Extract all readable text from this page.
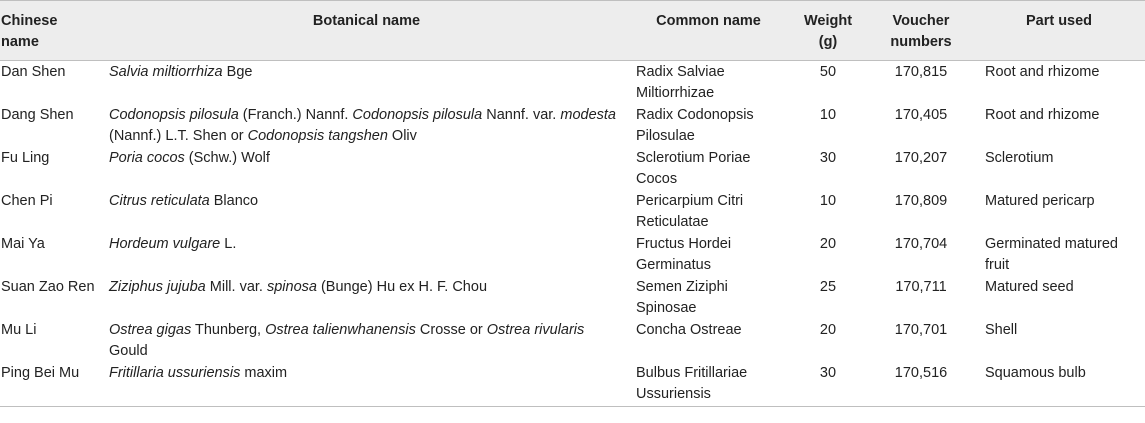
Chinese name	Botanical name	Common name	Weight (g)	Voucher numbers	Part used
Dan Shen	Salvia miltiorrhiza Bge	Radix Salviae Miltiorrhizae	50	170,815	Root and rhizome
Dang Shen	Codonopsis pilosula (Franch.) Nannf. Codonopsis pilosula Nannf. var. modesta (Nannf.) L.T. Shen or Codonopsis tangshen Oliv	Radix Codonopsis Pilosulae	10	170,405	Root and rhizome
Fu Ling	Poria cocos (Schw.) Wolf	Sclerotium Poriae Cocos	30	170,207	Sclerotium
Chen Pi	Citrus reticulata Blanco	Pericarpium Citri Reticulatae	10	170,809	Matured pericarp
Mai Ya	Hordeum vulgare L.	Fructus Hordei Germinatus	20	170,704	Germinated matured fruit
Suan Zao Ren	Ziziphus jujuba Mill. var. spinosa (Bunge) Hu ex H. F. Chou	Semen Ziziphi Spinosae	25	170,711	Matured seed
Mu Li	Ostrea gigas Thunberg, Ostrea talienwhanensis Crosse or Ostrea rivularis Gould	Concha Ostreae	20	170,701	Shell
Ping Bei Mu	Fritillaria ussuriensis maxim	Bulbus Fritillariae Ussuriensis	30	170,516	Squamous bulb
